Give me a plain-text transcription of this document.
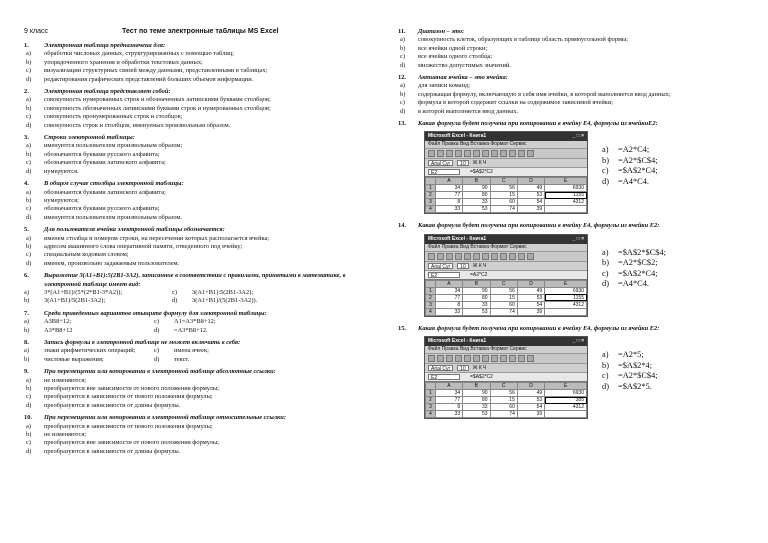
9 класс	Тест по теме электронные таблицы MS Excel
1.	Электронная таблица предназначена для:
a)	обработки числовых данных, структурированных с помощью таблиц;
b)	упорядоченного хранения и обработки текстовых данных;
c)	визуализации структурных связей между данными, представленными в таблицах;
d)	редактирования графических представлений больших объемов информации.
2.	Электронная таблица представляет собой:
a)	совокупность нумерованных строк и обозначенных латинскими буквами столбцов;
b)	совокупность обозначенных латинскими буквами строк и нумерованных столбцов;
c)	совокупность пронумерованных строк и столбцов;
d)	совокупность строк и столбцов, именуемых произвольным образом.
3.	Строки электронной таблицы:
a)	именуются пользователем произвольным образом;
b)	обозначаются буквами русского алфавита;
c)	обозначаются буквами латинского алфавита;
d)	нумеруются.
4.	В общем случае столбцы электронной таблицы:
a)	обозначаются буквами латинского алфавита;
b)	нумеруются;
c)	обозначаются буквами русского алфавита;
d)	именуются пользователем произвольным образом.
5.	Для пользователя ячейка электронной таблицы обозначается:
a)	именем столбца и номером строки, на пересечении которых располагается ячейка;
b)	адресом машинного слова оперативной памяти, отведенного под ячейку;
c)	специальным кодовым словом;
d)	именем, произвольно задаваемым пользователем.
6.	Выражение 3(A1+B1):5(2B1-3A2), записанное в соответствии с правилами, принятыми в математике, в электронной таблице имеет вид:
a)	3*(A1+B1)/(5*(2*B1-3*A2));	c)	3(A1+B1):5(2B1-3A2);
b)	3(A1+B1)/5(2B1-3A2);	d)	3(A1+B1)/(5(2B1-3A2)).
7.	Среди приведенных вариантов отыщите формулу для электронной таблицы:
a)	A3B8+12;	c)	A1=A3*B8+12;
b)	A3*B8+12	d)	=A3*B8+12.
8.	Запись формулы в электронной таблице не может включать в себя:
a)	знаки арифметических операций;	c)	имена ячеек;
b)	числовые выражения;	d)	текст.
9.	При перемещении или копировании в электронной таблице абсолютные ссылки:
a)	не изменяются;
b)	преобразуются вне зависимости от нового положения формулы;
c)	преобразуются в зависимости от нового положения формулы;
d)	преобразуются в зависимости от длины формулы.
10.	При перемещении или копировании в электронной таблице относительные ссылки:
a)	преобразуются в зависимости от нового положения формулы;
b)	не изменяются;
c)	преобразуются вне зависимости от нового положения формулы;
d)	преобразуются в зависимости от длины формулы.
11.	Диапазон – это:
a)	совокупность клеток, образующих в таблице область прямоугольной формы;
b)	все ячейки одной строки;
c)	все ячейки одного столбца;
d)	множество допустимых значений.
12.	Активная ячейка – это ячейка:
a)	для записи команд;
b)	содержащая формулу, включающую в себя имя ячейки, в которой выполняется ввод данных;
c)	формула в которой содержит ссылки на содержимое зависимой ячейки;
d)	в которой выполняется ввод данных.
13.	Какая формула будет получена при копировании в ячейку E4, формулы из ячейкиE2:
Microsoft Excel - Книга1	_ □ ×
Файл Правка Вид Вставка Формат Сервис
Arial Cyr	10	Ж К Ч
E2	=$A$2*C2
	A	B	C	D	E
1	34	90	56	49	6930
2	77	80	15	53	1155
3	8	33	60	54	4312
4	33	53	74	39	
a)	=A2*C4;
b)	=A2*$C$4;
c)	=$A$2*C4;
d)	=A4*C4.
14.	Какая формула будет получена при копировании в ячейку E4, формулы из ячейки E2:
Microsoft Excel - Книга1	_ □ ×
Файл Правка Вид Вставка Формат Сервис
Arial Cyr	10	Ж К Ч
E2	=A2*C2
	A	B	C	D	E
1	34	90	56	49	6930
2	77	80	15	53	1155
3	8	33	60	54	4312
4	33	53	74	39	
a)	=$A$2*$C$4;
b)	=A2*$C$2;
c)	=$A$2*C4;
d)	=A4*C4.
15.	Какая формула будет получена при копировании в ячейку E4, формулы из ячейки E2:
Microsoft Excel - Книга1	_ □ ×
Файл Правка Вид Вставка Формат Сервис
Arial Cyr	10	Ж К Ч
E2	=$A$2*C2
	A	B	C	D	E
1	34	90	56	49	6930
2	77	80	15	53	385
3	8	33	60	54	4312
4	33	53	74	39	
a)	=A2*5;
b)	=$A$2*4;
c)	=A2*$C$4;
d)	=$A$2*5.
